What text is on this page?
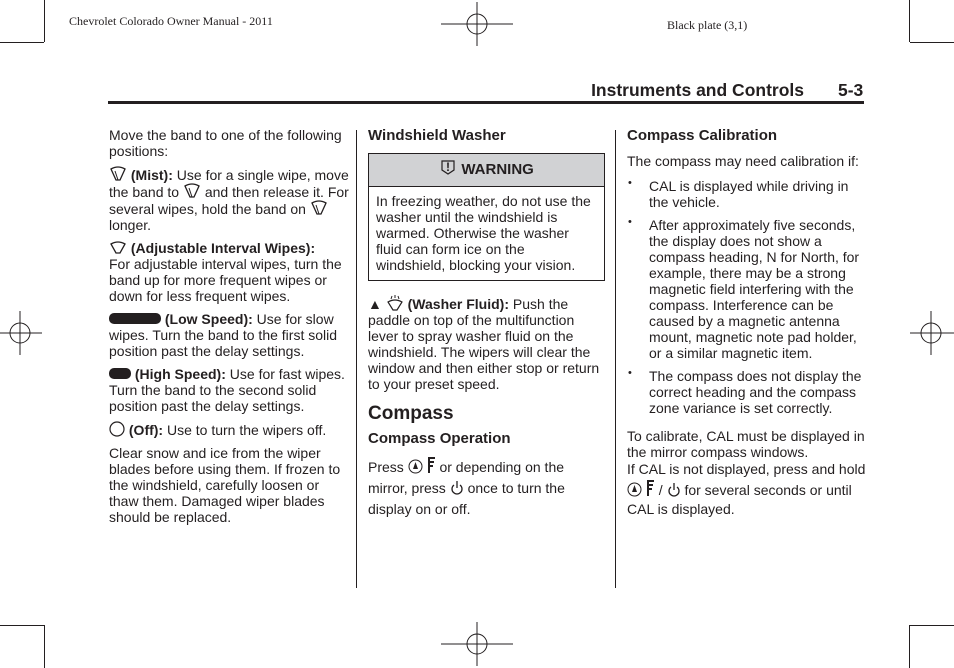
Chevrolet Colorado Owner Manual - 2011	Black plate (3,1)
Instruments and Controls 5-3

Move the band to one of the following positions:

(Mist): Use for a single wipe, move the band to  and then release it. For several wipes, hold the band on  longer.

(Adjustable Interval Wipes):
For adjustable interval wipes, turn the band up for more frequent wipes or down for less frequent wipes.

(Low Speed): Use for slow wipes. Turn the band to the first solid position past the delay settings.

(High Speed): Use for fast wipes. Turn the band to the second solid position past the delay settings.

(Off): Use to turn the wipers off.

Clear snow and ice from the wiper blades before using them. If frozen to the windshield, carefully loosen or thaw them. Damaged wiper blades should be replaced.

Windshield Washer
! WARNING
In freezing weather, do not use the washer until the windshield is warmed. Otherwise the washer fluid can form ice on the windshield, blocking your vision.

▲ (Washer Fluid): Push the paddle on top of the multifunction lever to spray washer fluid on the windshield. The wipers will clear the window and then either stop or return to your preset speed.

Compass
Compass Operation

Press   or depending on the mirror, press  once to turn the display on or off.

Compass Calibration

The compass may need calibration if:

• CAL is displayed while driving in the vehicle.
• After approximately five seconds, the display does not show a compass heading, N for North, for example, there may be a strong magnetic field interfering with the compass. Interference can be caused by a magnetic antenna mount, magnetic note pad holder, or a similar magnetic item.
• The compass does not display the correct heading and the compass zone variance is set correctly.

To calibrate, CAL must be displayed in the mirror compass windows.

If CAL is not displayed, press and hold   /  for several seconds or until CAL is displayed.
